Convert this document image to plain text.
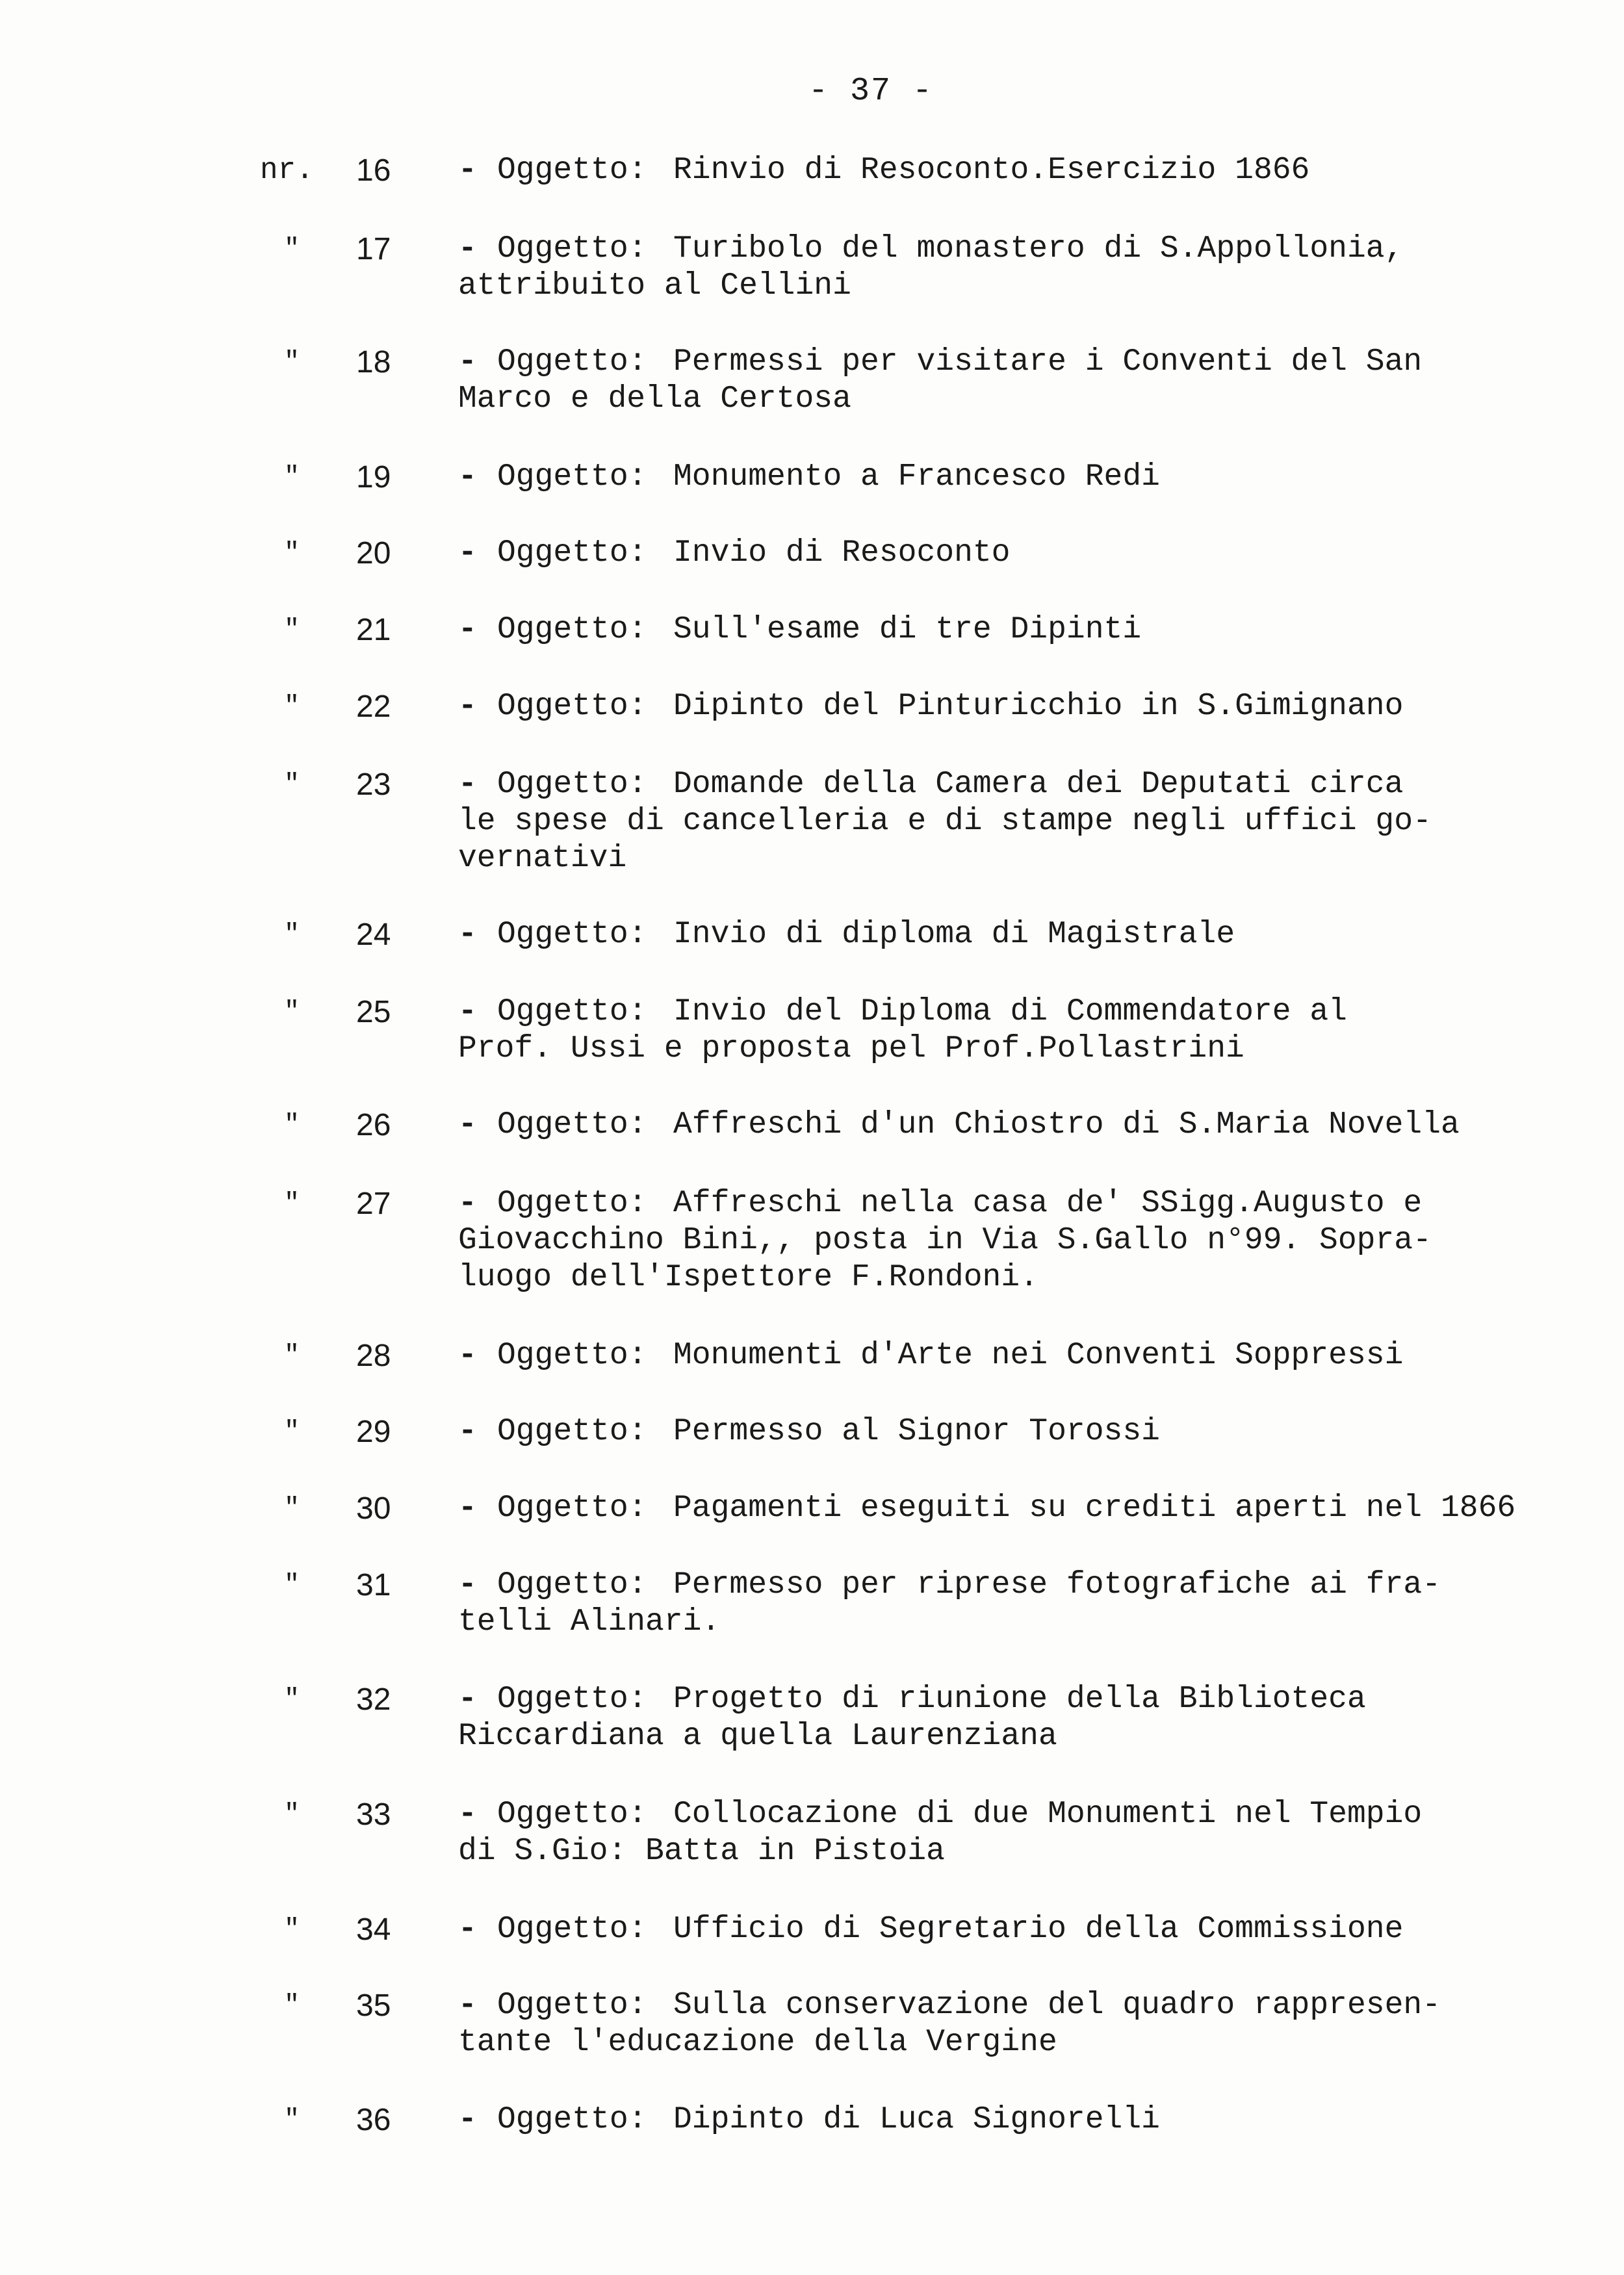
- 37 -
nr. 16 - Oggetto: Rinvio di Resoconto.Esercizio 1866
" 17 - Oggetto: Turibolo del monastero di S.Appollonia,
attribuito al Cellini
" 18 - Oggetto: Permessi per visitare i Conventi del San
Marco e della Certosa
" 19 - Oggetto: Monumento a Francesco Redi
" 20 - Oggetto: Invio di Resoconto
" 21 - Oggetto: Sull'esame di tre Dipinti
" 22 - Oggetto: Dipinto del Pinturicchio in S.Gimignano
" 23 - Oggetto: Domande della Camera dei Deputati circa
le spese di cancelleria e di stampe negli uffici go-
vernativi
" 24 - Oggetto: Invio di diploma di Magistrale
" 25 - Oggetto: Invio del Diploma di Commendatore al
Prof. Ussi e proposta pel Prof.Pollastrini
" 26 - Oggetto: Affreschi d'un Chiostro di S.Maria Novella
" 27 - Oggetto: Affreschi nella casa de' SSigg.Augusto e
Giovacchino Bini,, posta in Via S.Gallo n°99. Sopra-
luogo dell'Ispettore F.Rondoni.
" 28 - Oggetto: Monumenti d'Arte nei Conventi Soppressi
" 29 - Oggetto: Permesso al Signor Torossi
" 30 - Oggetto: Pagamenti eseguiti su crediti aperti nel 1866
" 31 - Oggetto: Permesso per riprese fotografiche ai fra-
telli Alinari.
" 32 - Oggetto: Progetto di riunione della Biblioteca
Riccardiana a quella Laurenziana
" 33 - Oggetto: Collocazione di due Monumenti nel Tempio
di S.Gio: Batta in Pistoia
" 34 - Oggetto: Ufficio di Segretario della Commissione
" 35 - Oggetto: Sulla conservazione del quadro rappresen-
tante l'educazione della Vergine
" 36 - Oggetto: Dipinto di Luca Signorelli
